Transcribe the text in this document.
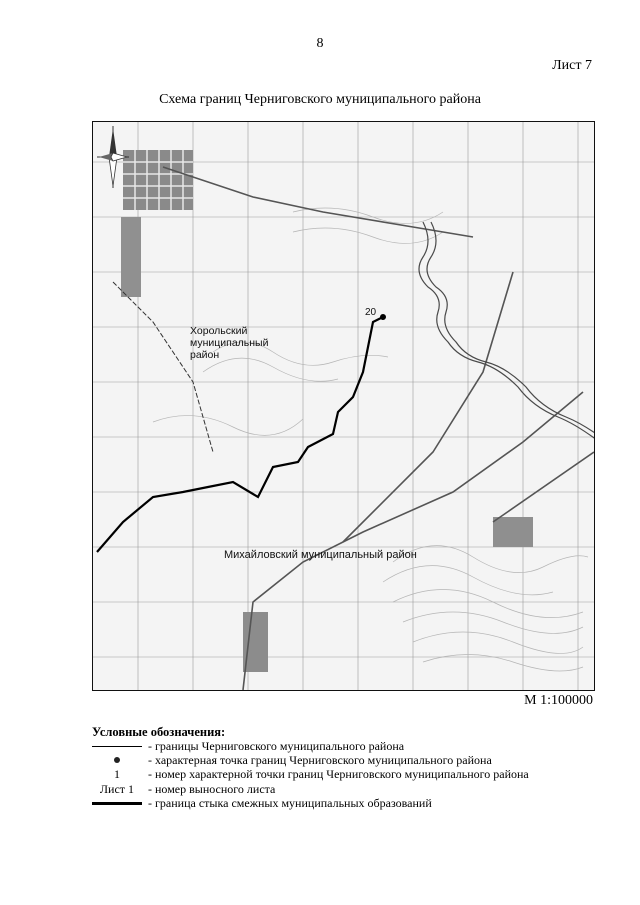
8
Лист 7
Схема границ Черниговского муниципального района
Хорольский муниципальный район
Михайловский муниципальный район
20
М 1:100000
Условные обозначения:
- границы Черниговского муниципального района
- характерная точка границ Черниговского муниципального района
1	- номер характерной точки границ Черниговского муниципального района
Лист 1	- номер выносного листа
- граница стыка смежных муниципальных образований
